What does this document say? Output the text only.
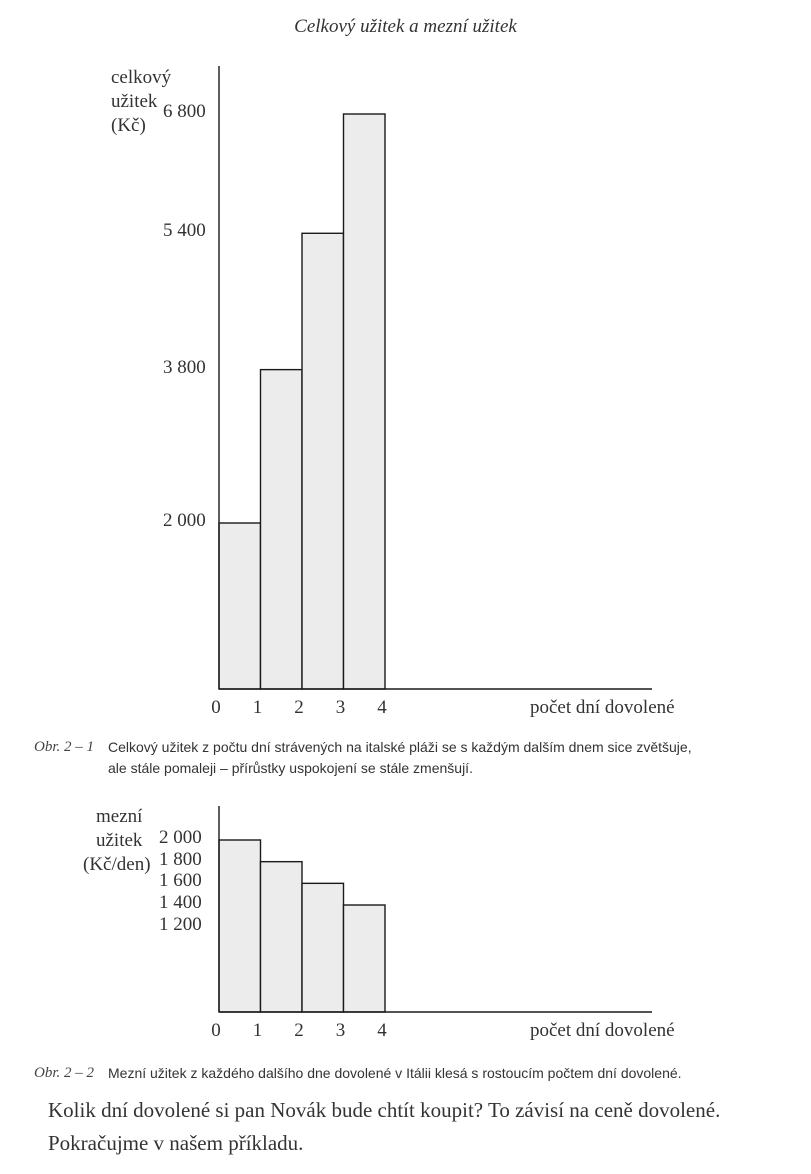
Celkový užitek a mezní užitek
celkový
užitek
(Kč)
2 000
3 800
5 400
6 800
0 1 2 3 4	počet dní dovolené
Obr. 2 – 1 Celkový užitek z počtu dní strávených na italské pláži se s každým dalším dnem sice zvětšuje,
ale stále pomaleji – přírůstky uspokojení se stále zmenšují.
mezní
užitek
(Kč/den)
2 000
1 800
1 600
1 400
1 200
0 1 2 3 4	počet dní dovolené
Obr. 2 – 2 Mezní užitek z každého dalšího dne dovolené v Itálii klesá s rostoucím počtem dní dovolené.
Kolik dní dovolené si pan Novák bude chtít koupit? To závisí na ceně dovolené.
Pokračujme v našem příkladu.
